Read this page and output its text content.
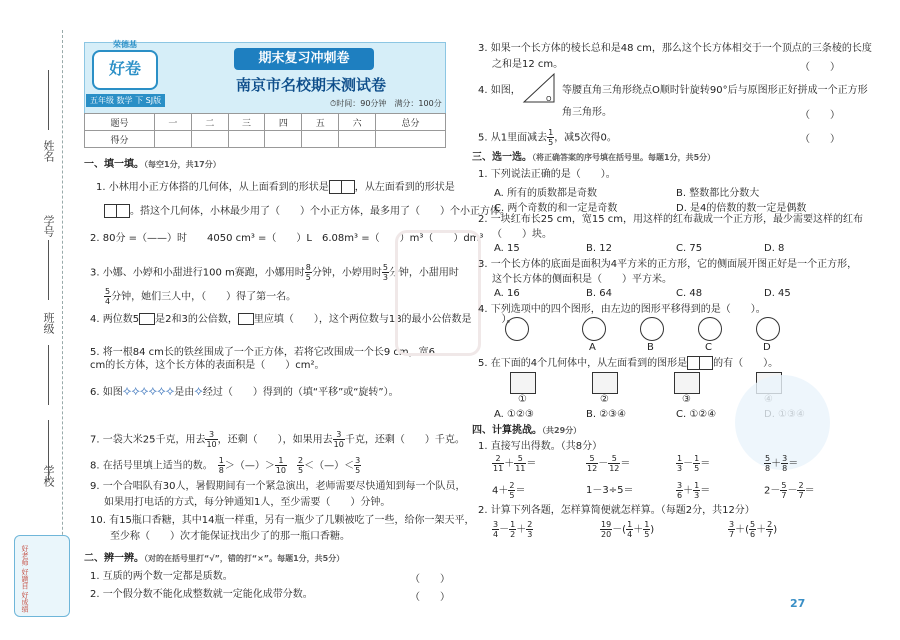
姓名
学号
班级
学校
好老师 好题目 好成绩
荣德基
好卷
期末复习冲刺卷
南京市名校期末测试卷
五年级 数学 下 SJ版	⏱时间：90分钟　 满分：100分
题号	一	二	三	四	五	六	总分
得分							
一、填一填。（每空1分，共17分）
1. 小林用小正方体搭的几何体，从上面看到的形状是	，从左面看到的形状是
。搭这个几何体，小林最少用了（　　）个小正方体，最多用了（　　）个小正方体。
2. 80分 =（——）时　　4050 cm³ =（　　）L　6.08m³ =（　　）m³（　　）dm³
3. 小娜、小婷和小甜进行100 m赛跑，小娜用时 $\frac{8}{5}$ 分钟，小婷用时 $\frac{5}{3}$ 分钟，小甜用时
$\frac{5}{4}$ 分钟，她们三人中，（　　）得了第一名。
4. 两位数5 是2和3的公倍数， 里应填（　　），这个两位数与18的最小公倍数是（　　）。
5. 将一根84 cm长的铁丝围成了一个正方体，若将它改围成一个长9 cm，宽6 cm的长方体，这个长方体的表面积是（　　）cm²。
6. 如图⟡⟡⟡⟡⟡⟡是由⟡经过（　　）得到的（填“平移”或“旋转”）。
7. 一袋大米25千克，用去 $\frac{3}{10}$ ，还剩（　　），如果用去 $\frac{3}{10}$ 千克，还剩（　　）千克。
8. 在括号里填上适当的数。　 $\frac{1}{8}$ ＞（—）＞ $\frac{1}{10}$
　 $\frac{2}{5}$ ＜（—）＜ $\frac{3}{5}$
9. 一个合唱队有30人，暑假期间有一个紧急演出，老师需要尽快通知到每一个队员，
如果用打电话的方式，每分钟通知1人，至少需要（　　）分钟。
10. 有15瓶口香糖，其中14瓶一样重，另有一瓶少了几颗被吃了一些，给你一架天平，
至少称（　　）次才能保证找出少了的那一瓶口香糖。
二、辨一辨。（对的在括号里打“√”，错的打“×”。每题1分，共5分）
1. 互质的两个数一定都是质数。	（　　）
2. 一个假分数不能化成整数就一定能化成带分数。	（　　）
3. 如果一个长方体的棱长总和是48 cm，那么这个长方体相交于一个顶点的三条棱的长度
之和是12 cm。	（　　）
O
4. 如图，	等腰直角三角形绕点O顺时针旋转90°后与原图形正好拼成一个正方形
角三角形。	（　　）
5. 从1里面减去 $\frac{1}{5}$ ，减5次得0。	（　　）
三、选一选。（将正确答案的序号填在括号里。每题1分，共5分）
1. 下列说法正确的是（　　）。
A. 所有的质数都是奇数	B. 整数都比分数大
C. 两个奇数的和一定是奇数	D. 是4的倍数的数一定是偶数
2. 一块红布长25 cm，宽15 cm，用这样的红布裁成一个正方形，最少需要这样的红布
（　　）块。
A. 15	B. 12	C. 75	D. 8
3. 一个长方体的底面是面积为4平方米的正方形，它的侧面展开图正好是一个正方形，
这个长方体的侧面积是（　　）平方米。
A. 16	B. 64	C. 48	D. 45
4. 下列选项中的四个图形，由左边的图形平移得到的是（　　）。
A	B	C	D
5. 在下面的4个几何体中，从左面看到的图形是	的有（　　）。
①	②	③
A. ①②③	B. ②③④	C. ①②④
四、计算挑战。（共29分）
1. 直接写出得数。（共8分）
$\frac{2}{11} + \frac{5}{11}$ ＝	$\frac{5}{12} - \frac{5}{12}$ ＝	$\frac{1}{3} - \frac{1}{5}$ ＝	$\frac{5}{8} + \frac{3}{8}$ ＝
$4+ \frac{2}{5}$ ＝	1－3÷5＝	$\frac{3}{6} + \frac{1}{3}$ ＝	$2- \frac{5}{7} - \frac{2}{7}$ ＝
2. 计算下列各题，怎样算简便就怎样算。（每题2分，共12分）
$\frac{3}{4} - \frac{1}{2} + \frac{2}{3}$	$\frac{19}{20}$ －( $\frac{1}{4} + \frac{1}{5}$ )	$\frac{3}{7}$ ＋( $\frac{5}{6} + \frac{2}{7}$ )
27
